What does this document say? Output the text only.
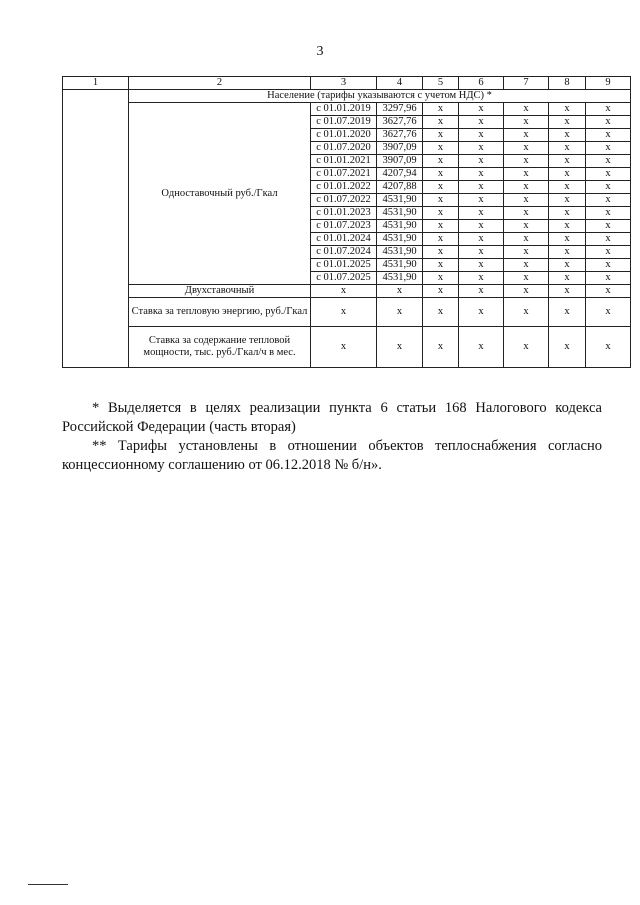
3
1	2	3	4	5	6	7	8	9
	Население (тарифы указываются с учетом НДС) *							
	Одноставочный руб./Гкал	с 01.01.2019	3297,96	x	x	x	x	x
		с 01.07.2019	3627,76	x	x	x	x	x
		с 01.01.2020	3627,76	x	x	x	x	x
		с 01.07.2020	3907,09	x	x	x	x	x
		с 01.01.2021	3907,09	x	x	x	x	x
		с 01.07.2021	4207,94	x	x	x	x	x
		с 01.01.2022	4207,88	x	x	x	x	x
		с 01.07.2022	4531,90	x	x	x	x	x
		с 01.01.2023	4531,90	x	x	x	x	x
		с 01.07.2023	4531,90	x	x	x	x	x
		с 01.01.2024	4531,90	x	x	x	x	x
		с 01.07.2024	4531,90	x	x	x	x	x
		с 01.01.2025	4531,90	x	x	x	x	x
		с 01.07.2025	4531,90	x	x	x	x	x
	Двухставочный	x	x	x	x	x	x	x
	Ставка за тепловую энергию, руб./Гкал	x	x	x	x	x	x	x
	Ставка за содержание тепловой мощности, тыс. руб./Гкал/ч в мес.	x	x	x	x	x	x	x

* Выделяется в целях реализации пункта 6 статьи 168 Налогового кодекса Российской Федерации (часть вторая)

** Тарифы установлены в отношении объектов теплоснабжения согласно концессионному соглашению от 06.12.2018 № б/н».
